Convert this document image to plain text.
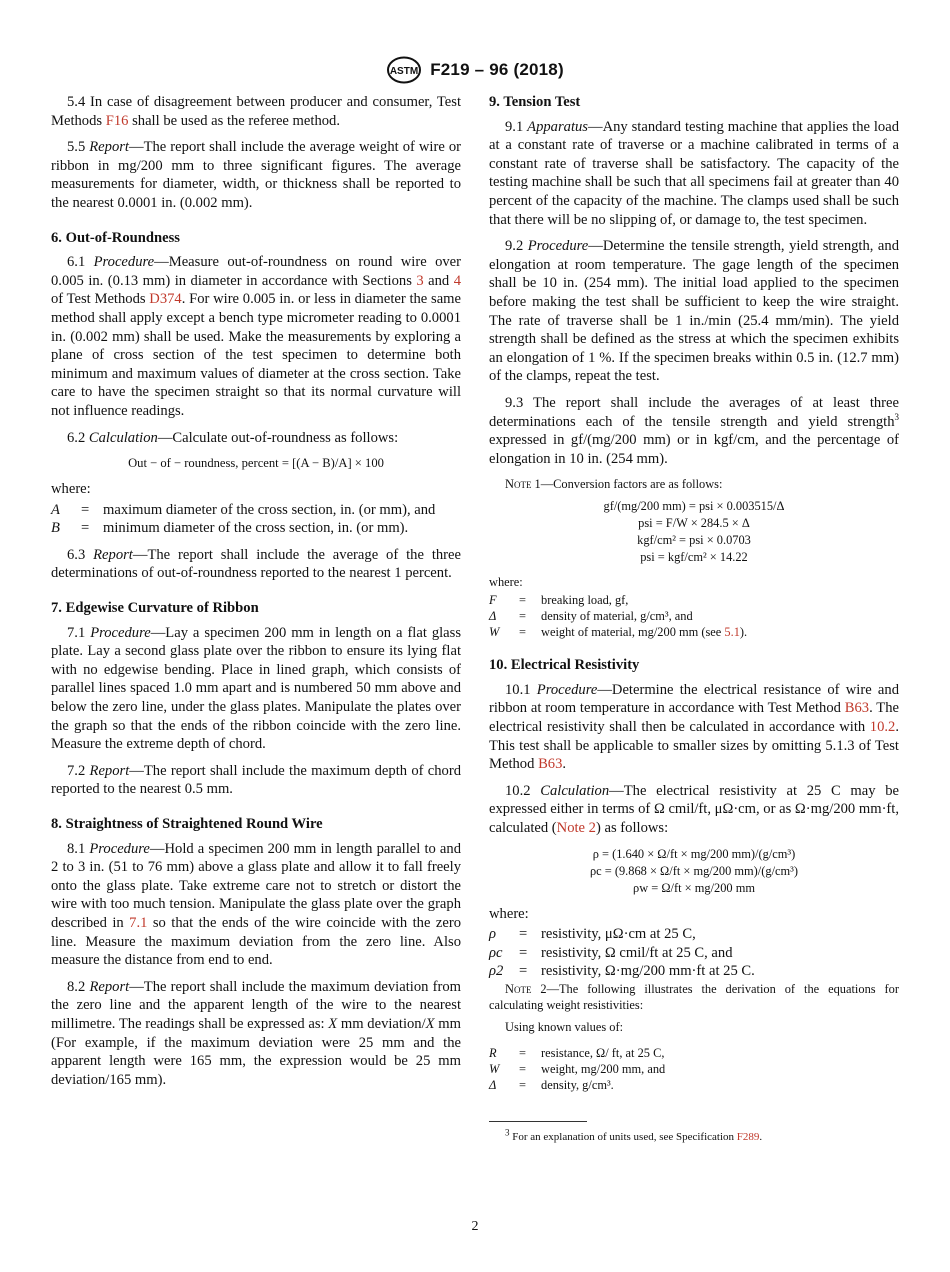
ASTM F219 – 96 (2018)

5.4 In case of disagreement between producer and consumer, Test Methods F16 shall be used as the referee method.

5.5 Report—The report shall include the average weight of wire or ribbon in mg/200 mm to three significant figures. The average measurements for diameter, width, or thickness shall be reported to the nearest 0.0001 in. (0.002 mm).

6. Out-of-Roundness

6.1 Procedure—Measure out-of-roundness on round wire over 0.005 in. (0.13 mm) in diameter in accordance with Sections 3 and 4 of Test Methods D374. For wire 0.005 in. or less in diameter the same method shall apply except a bench type micrometer reading to 0.0001 in. (0.002 mm) shall be used. Make the measurements by exploring a plane of cross section of the test specimen to determine both minimum and maximum values of diameter at the cross section. Take care to have the specimen straight so that its normal curvature will not influence readings.

6.2 Calculation—Calculate out-of-roundness as follows:

Out − of − roundness, percent = [(A − B)/A] × 100
where:
A	= maximum diameter of the cross section, in. (or mm), and
B	= minimum diameter of the cross section, in. (or mm).

6.3 Report—The report shall include the average of the three determinations of out-of-roundness reported to the nearest 1 percent.

7. Edgewise Curvature of Ribbon

7.1 Procedure—Lay a specimen 200 mm in length on a flat glass plate. Lay a second glass plate over the ribbon to ensure its lying flat with no edgewise bending. Place in lined graph, which consists of parallel lines spaced 1.0 mm apart and is numbered 50 mm above and below the zero line, under the glass plates. Manipulate the plates over the graph so that the ends of the ribbon coincide with the zero line. Measure the extreme depth of chord.

7.2 Report—The report shall include the maximum depth of chord reported to the nearest 0.5 mm.

8. Straightness of Straightened Round Wire

8.1 Procedure—Hold a specimen 200 mm in length parallel to and 2 to 3 in. (51 to 76 mm) above a glass plate and allow it to fall freely onto the glass plate. Take extreme care not to stretch or distort the wire with too much tension. Manipulate the glass plate over the graph described in 7.1 so that the ends of the wire coincide with the zero line. Measure the maximum deviation from the zero line. Also measure the distance from end to end.

8.2 Report—The report shall include the maximum deviation from the zero line and the apparent length of the wire to the nearest millimetre. The readings shall be expressed as: X mm deviation/X mm (For example, if the maximum deviation were 25 mm and the apparent length were 165 mm, the expression would be 25 mm deviation/165 mm).

9. Tension Test

9.1 Apparatus—Any standard testing machine that applies the load at a constant rate of traverse or a machine calibrated in terms of a constant rate of traverse shall be satisfactory. The capacity of the testing machine shall be such that all specimens fail at greater than 40 percent of the capacity of the machine. The clamps used shall be such that there will be no slipping of, or damage to, the test specimen.

9.2 Procedure—Determine the tensile strength, yield strength, and elongation at room temperature. The gage length of the specimen shall be 10 in. (254 mm). The initial load applied to the specimen before making the test shall be sufficient to keep the wire straight. The rate of traverse shall be 1 in./min (25.4 mm/min). The yield strength shall be defined as the stress at which the specimen exhibits an elongation of 1 %. If the specimen breaks within 0.5 in. (12.7 mm) of the clamps, repeat the test.

9.3 The report shall include the averages of at least three determinations each of the tensile strength and yield strength$^3$ expressed in gf/(mg/200 mm) or in kgf/cm, and the percentage of elongation in 10 in. (254 mm).

Note 1—Conversion factors are as follows:
gf/(mg/200 mm) = psi × 0.003515/Δ
psi = F/W × 284.5 × Δ
kgf/cm² = psi × 0.0703
psi = kgf/cm² × 14.22
where:
F	=	breaking load, gf,
Δ	=	density of material, g/cm³, and
W	=	weight of material, mg/200 mm (see 5.1).
10. Electrical Resistivity

10.1 Procedure—Determine the electrical resistance of wire and ribbon at room temperature in accordance with Test Method B63. The electrical resistivity shall then be calculated in accordance with 10.2. This test shall be applicable to smaller sizes by omitting 5.1.3 of Test Method B63.

10.2 Calculation—The electrical resistivity at 25 C may be expressed either in terms of Ω cmil/ft, μΩ·cm, or as Ω·mg/200 mm·ft, calculated (Note 2) as follows:

ρ = (1.640 × Ω/ft × mg/200 mm)/(g/cm³)
ρc = (9.868 × Ω/ft × mg/200 mm)/(g/cm³)
ρw = Ω/ft × mg/200 mm
where:
ρ	= resistivity, μΩ·cm at 25 C,
ρc	= resistivity, Ω cmil/ft at 25 C, and
ρ2	= resistivity, Ω·mg/200 mm·ft at 25 C.
Note 2—The following illustrates the derivation of the equations for calculating weight resistivities:
Using known values of:
R	=	resistance, Ω/ ft, at 25 C,
W	=	weight, mg/200 mm, and
Δ	=	density, g/cm³.
$^3$ For an explanation of units used, see Specification F289.
2
